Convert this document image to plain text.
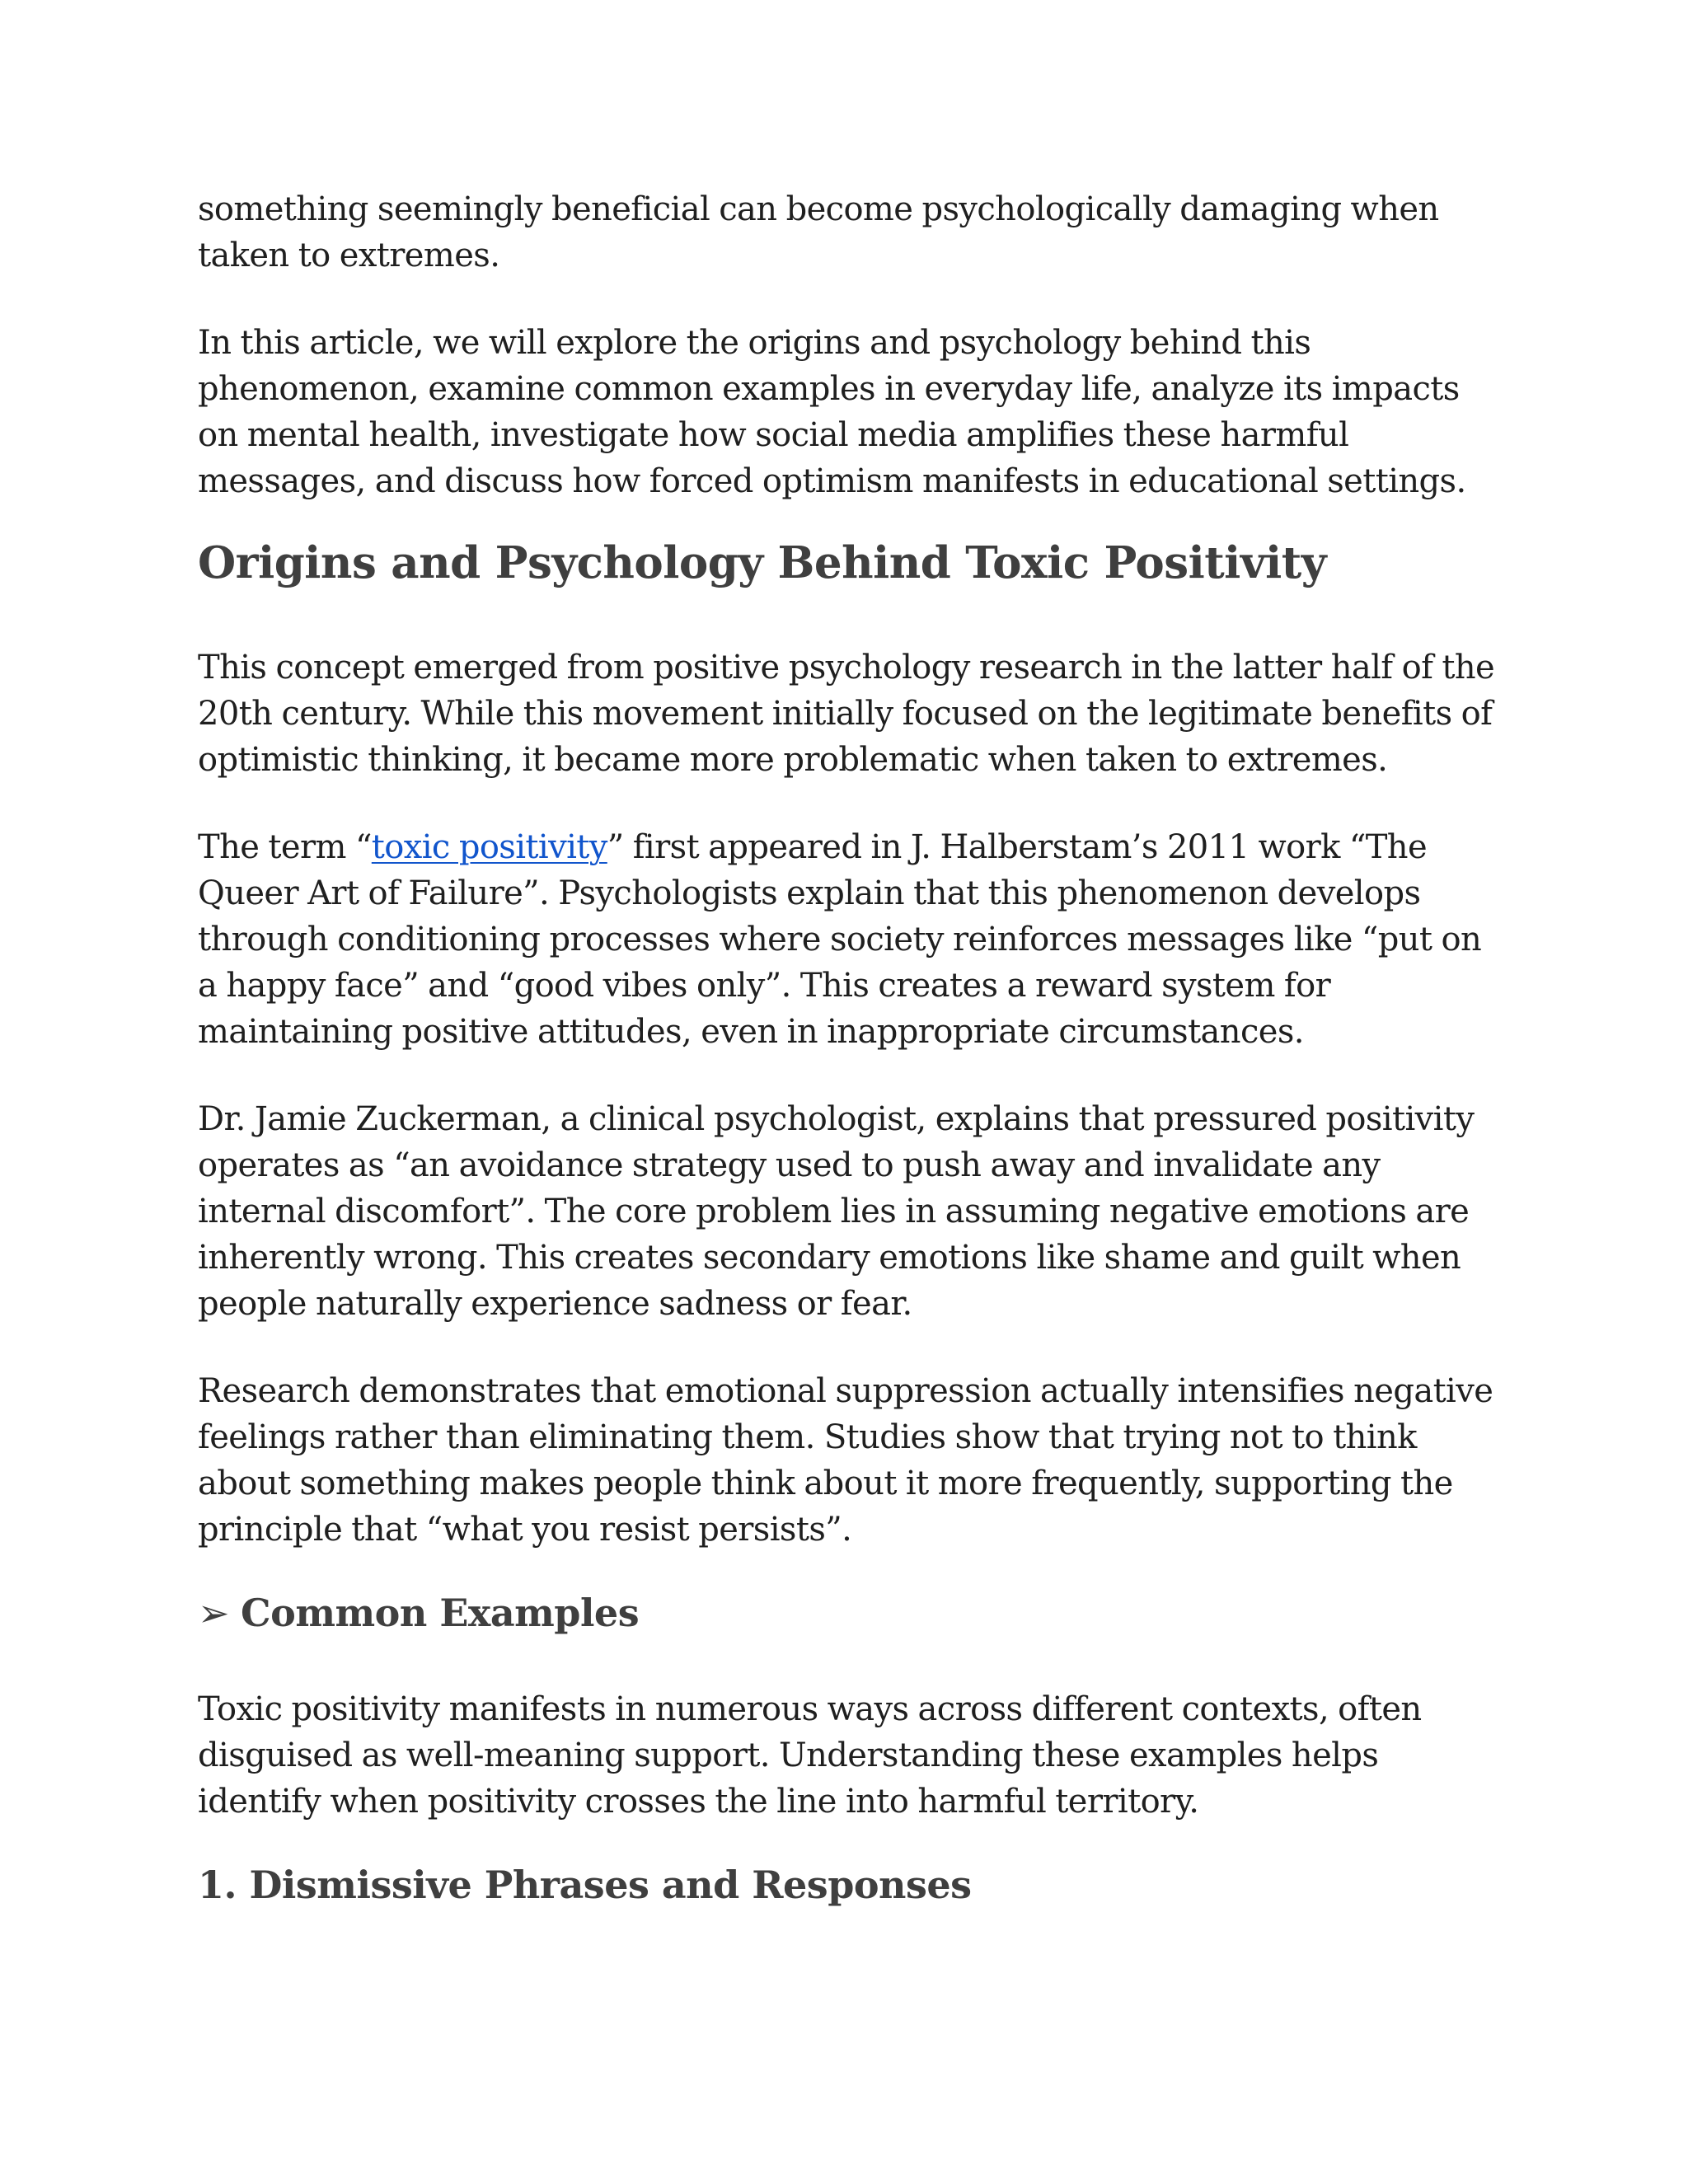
something seemingly beneficial can become psychologically damaging when taken to extremes.

In this article, we will explore the origins and psychology behind this phenomenon, examine common examples in everyday life, analyze its impacts on mental health, investigate how social media amplifies these harmful messages, and discuss how forced optimism manifests in educational settings.

Origins and Psychology Behind Toxic Positivity

This concept emerged from positive psychology research in the latter half of the 20th century. While this movement initially focused on the legitimate benefits of optimistic thinking, it became more problematic when taken to extremes.

The term “toxic positivity” first appeared in J. Halberstam’s 2011 work “The Queer Art of Failure”. Psychologists explain that this phenomenon develops through conditioning processes where society reinforces messages like “put on a happy face” and “good vibes only”. This creates a reward system for maintaining positive attitudes, even in inappropriate circumstances.

Dr. Jamie Zuckerman, a clinical psychologist, explains that pressured positivity operates as “an avoidance strategy used to push away and invalidate any internal discomfort”. The core problem lies in assuming negative emotions are inherently wrong. This creates secondary emotions like shame and guilt when people naturally experience sadness or fear.

Research demonstrates that emotional suppression actually intensifies negative feelings rather than eliminating them. Studies show that trying not to think about something makes people think about it more frequently, supporting the principle that “what you resist persists”.

➢ Common Examples

Toxic positivity manifests in numerous ways across different contexts, often disguised as well-meaning support. Understanding these examples helps identify when positivity crosses the line into harmful territory.

1. Dismissive Phrases and Responses
